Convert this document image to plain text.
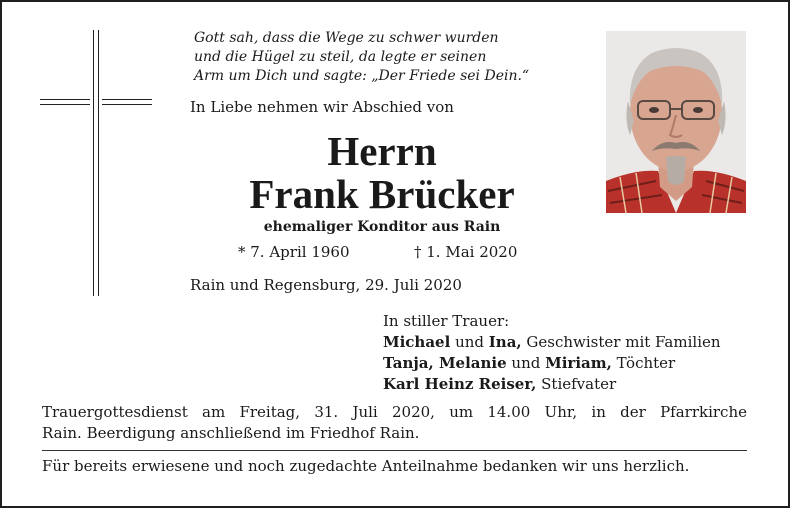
Gott sah, dass die Wege zu schwer wurden
und die Hügel zu steil, da legte er seinen
Arm um Dich und sagte: „Der Friede sei Dein.“
In Liebe nehmen wir Abschied von
Herrn
Frank Brücker
ehemaliger Konditor aus Rain
* 7. April 1960	† 1. Mai 2020
Rain und Regensburg, 29. Juli 2020
In stiller Trauer:
Michael und Ina, Geschwister mit Familien
Tanja, Melanie und Miriam, Töchter
Karl Heinz Reiser, Stiefvater
Trauergottesdienst am Freitag, 31. Juli 2020, um 14.00 Uhr, in der Pfarrkirche
Rain. Beerdigung anschließend im Friedhof Rain.
Für bereits erwiesene und noch zugedachte Anteilnahme bedanken wir uns herzlich.
